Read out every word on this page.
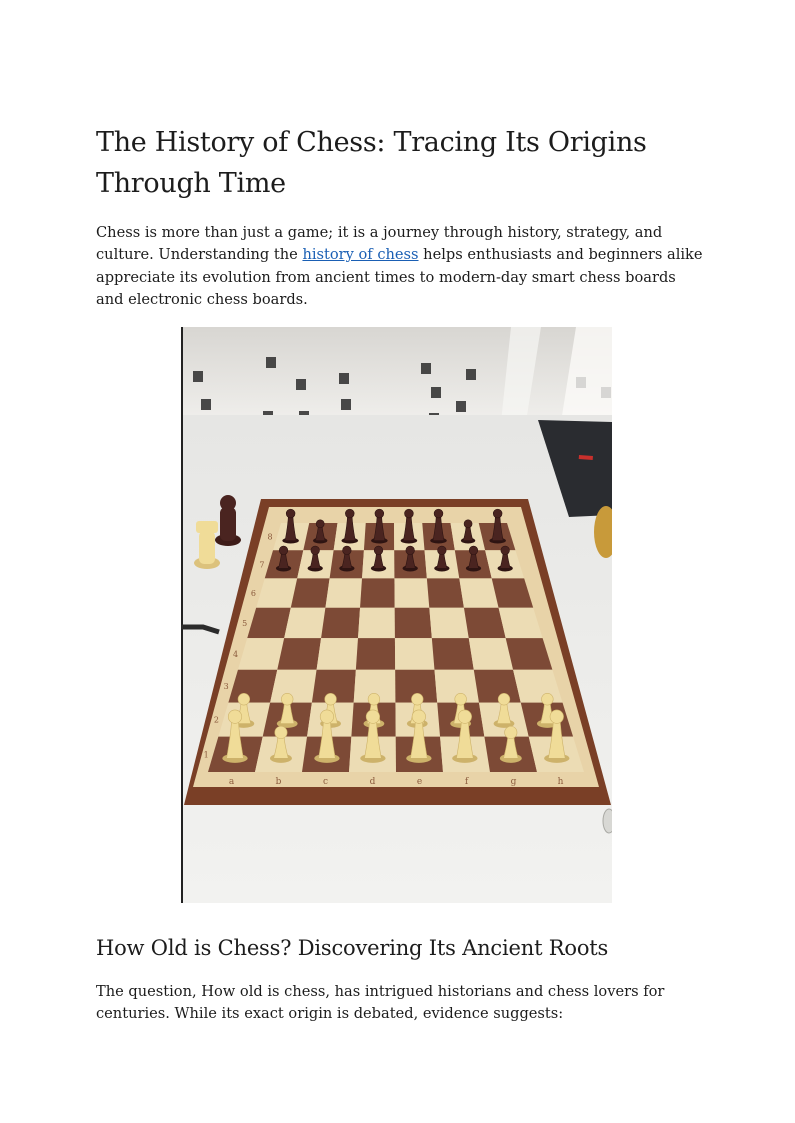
The History of Chess: Tracing Its Origins Through Time

Chess is more than just a game; it is a journey through history, strategy, and culture. Understanding the history of chess helps enthusiasts and beginners alike appreciate its evolution from ancient times to modern-day smart chess boards and electronic chess boards.

a	b	c	d	e	f	g	h
1
2
3
4
5
6
7
8
How Old is Chess? Discovering Its Ancient Roots

The question, How old is chess, has intrigued historians and chess lovers for centuries. While its exact origin is debated, evidence suggests:
